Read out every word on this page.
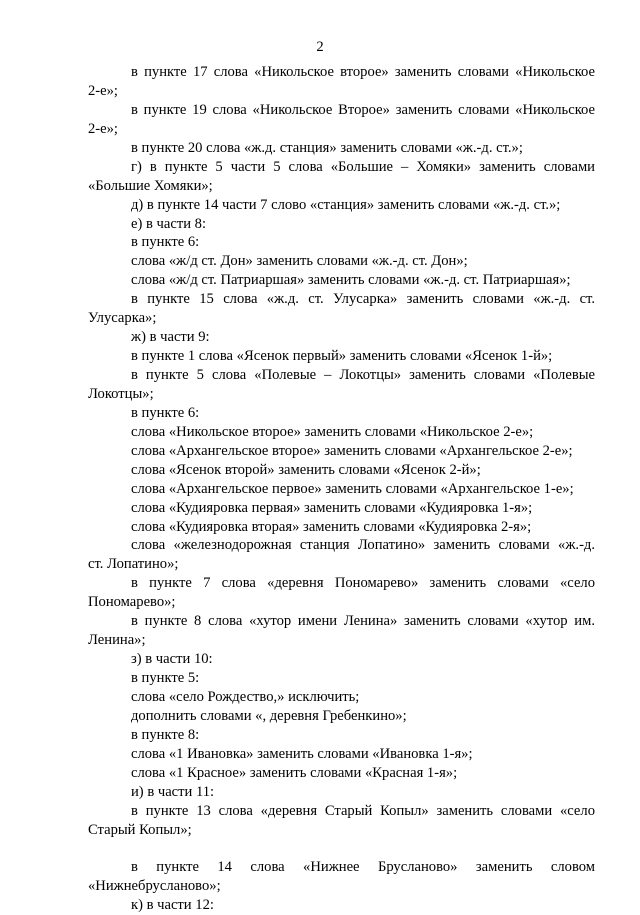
2
в пункте 17 слова «Никольское второе» заменить словами «Никольское
2-е»;
в пункте 19 слова «Никольское Второе» заменить словами «Никольское
2-е»;
в пункте 20 слова «ж.д. станция» заменить словами «ж.-д. ст.»;
г) в пункте 5 части 5 слова «Большие – Хомяки» заменить словами
«Большие Хомяки»;
д) в пункте 14 части 7 слово «станция» заменить словами «ж.-д. ст.»;
е) в части 8:
в пункте 6:
слова «ж/д ст. Дон» заменить словами «ж.-д. ст. Дон»;
слова «ж/д ст. Патриаршая» заменить словами «ж.-д. ст. Патриаршая»;
в пункте 15 слова «ж.д. ст. Улусарка» заменить словами «ж.-д. ст.
Улусарка»;
ж) в части 9:
в пункте 1 слова «Ясенок первый» заменить словами «Ясенок 1-й»;
в пункте 5 слова «Полевые – Локотцы» заменить словами «Полевые
Локотцы»;
в пункте 6:
слова «Никольское второе» заменить словами «Никольское 2-е»;
слова «Архангельское второе» заменить словами «Архангельское 2-е»;
слова «Ясенок второй» заменить словами «Ясенок 2-й»;
слова «Архангельское первое» заменить словами «Архангельское 1-е»;
слова «Кудияровка первая» заменить словами «Кудияровка 1-я»;
слова «Кудияровка вторая» заменить словами «Кудияровка 2-я»;
слова «железнодорожная станция Лопатино» заменить словами «ж.-д.
ст. Лопатино»;
в пункте 7 слова «деревня Пономарево» заменить словами «село
Пономарево»;
в пункте 8 слова «хутор имени Ленина» заменить словами «хутор им.
Ленина»;
з) в части 10:
в пункте 5:
слова «село Рождество,» исключить;
дополнить словами «, деревня Гребенкино»;
в пункте 8:
слова «1 Ивановка» заменить словами «Ивановка 1-я»;
слова «1 Красное» заменить словами «Красная 1-я»;
и) в части 11:
в пункте 13 слова «деревня Старый Копыл» заменить словами «село
Старый Копыл»;
в пункте 14 слова «Нижнее Брусланово» заменить словом
«Нижнебрусланово»;
к) в части 12:
